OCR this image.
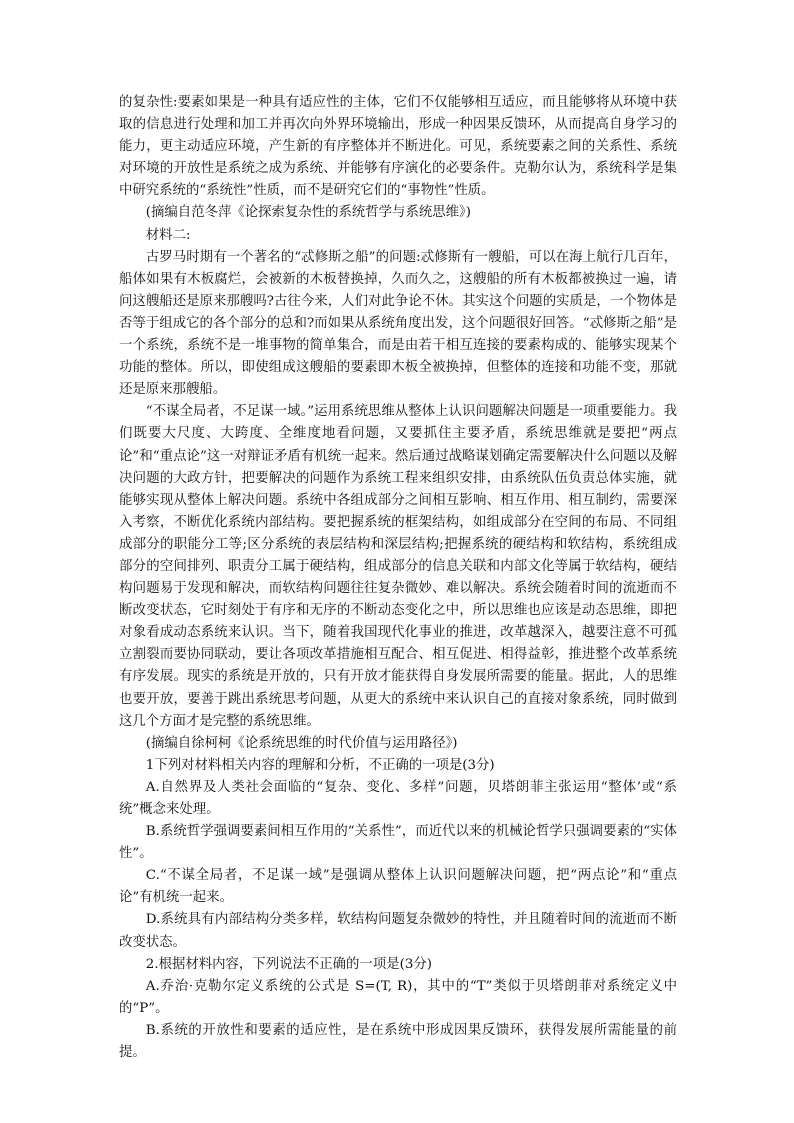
的复杂性:要素如果是一种具有适应性的主体，它们不仅能够相互适应，而且能够将从环境中获取的信息进行处理和加工并再次向外界环境输出，形成一种因果反馈环，从而提高自身学习的能力，更主动适应环境，产生新的有序整体并不断进化。可见，系统要素之间的关系性、系统对环境的开放性是系统之成为系统、并能够有序演化的必要条件。克勒尔认为，系统科学是集中研究系统的“系统性”性质，而不是研究它们的“事物性”性质。

(摘编自范冬萍《论探索复杂性的系统哲学与系统思维》)

材料二:

古罗马时期有一个著名的“忒修斯之船”的问题:忒修斯有一艘船，可以在海上航行几百年，船体如果有木板腐烂，会被新的木板替换掉，久而久之，这艘船的所有木板都被换过一遍，请问这艘船还是原来那艘吗?古往今来，人们对此争论不休。其实这个问题的实质是，一个物体是否等于组成它的各个部分的总和?而如果从系统角度出发，这个问题很好回答。“忒修斯之船”是一个系统，系统不是一堆事物的简单集合，而是由若干相互连接的要素构成的、能够实现某个功能的整体。所以，即使组成这艘船的要素即木板全被换掉，但整体的连接和功能不变，那就还是原来那艘船。

“不谋全局者，不足谋一域。”运用系统思维从整体上认识问题解决问题是一项重要能力。我们既要大尺度、大跨度、全维度地看问题，又要抓住主要矛盾，系统思维就是要把“两点论”和“重点论”这一对辩证矛盾有机统一起来。然后通过战略谋划确定需要解决什么问题以及解决问题的大政方针，把要解决的问题作为系统工程来组织安排，由系统队伍负责总体实施，就能够实现从整体上解决问题。系统中各组成部分之间相互影响、相互作用、相互制约，需要深入考察，不断优化系统内部结构。要把握系统的框架结构，如组成部分在空间的布局、不同组成部分的职能分工等;区分系统的表层结构和深层结构;把握系统的硬结构和软结构，系统组成部分的空间排列、职责分工属于硬结构，组成部分的信息关联和内部文化等属于软结构，硬结构问题易于发现和解决，而软结构问题往往复杂微妙、难以解决。系统会随着时间的流逝而不断改变状态，它时刻处于有序和无序的不断动态变化之中，所以思维也应该是动态思维，即把对象看成动态系统来认识。当下，随着我国现代化事业的推进，改革越深入，越要注意不可孤立割裂而要协同联动，要让各项改革措施相互配合、相互促进、相得益彰，推进整个改革系统有序发展。现实的系统是开放的，只有开放才能获得自身发展所需要的能量。据此，人的思维也要开放，要善于跳出系统思考问题，从更大的系统中来认识自己的直接对象系统，同时做到这几个方面才是完整的系统思维。

(摘编自徐柯柯《论系统思维的时代价值与运用路径》)

1下列对材料相关内容的理解和分析，不正确的一项是(3分)

A.自然界及人类社会面临的“复杂、变化、多样”问题，贝塔朗菲主张运用“整体’或“系统”概念来处理。

B.系统哲学强调要素间相互作用的“关系性”，而近代以来的机械论哲学只强调要素的“实体性”。

C.“不谋全局者，不足谋一域”是强调从整体上认识问题解决问题，把“两点论”和“重点论”有机统一起来。

D.系统具有内部结构分类多样，软结构问题复杂微妙的特性，并且随着时间的流逝而不断改变状态。

2.根据材料内容，下列说法不正确的一项是(3分)

A.乔治·克勒尔定义系统的公式是 S=(T, R)，其中的“T”类似于贝塔朗菲对系统定义中的“P”。

B.系统的开放性和要素的适应性，是在系统中形成因果反馈环，获得发展所需能量的前提。
